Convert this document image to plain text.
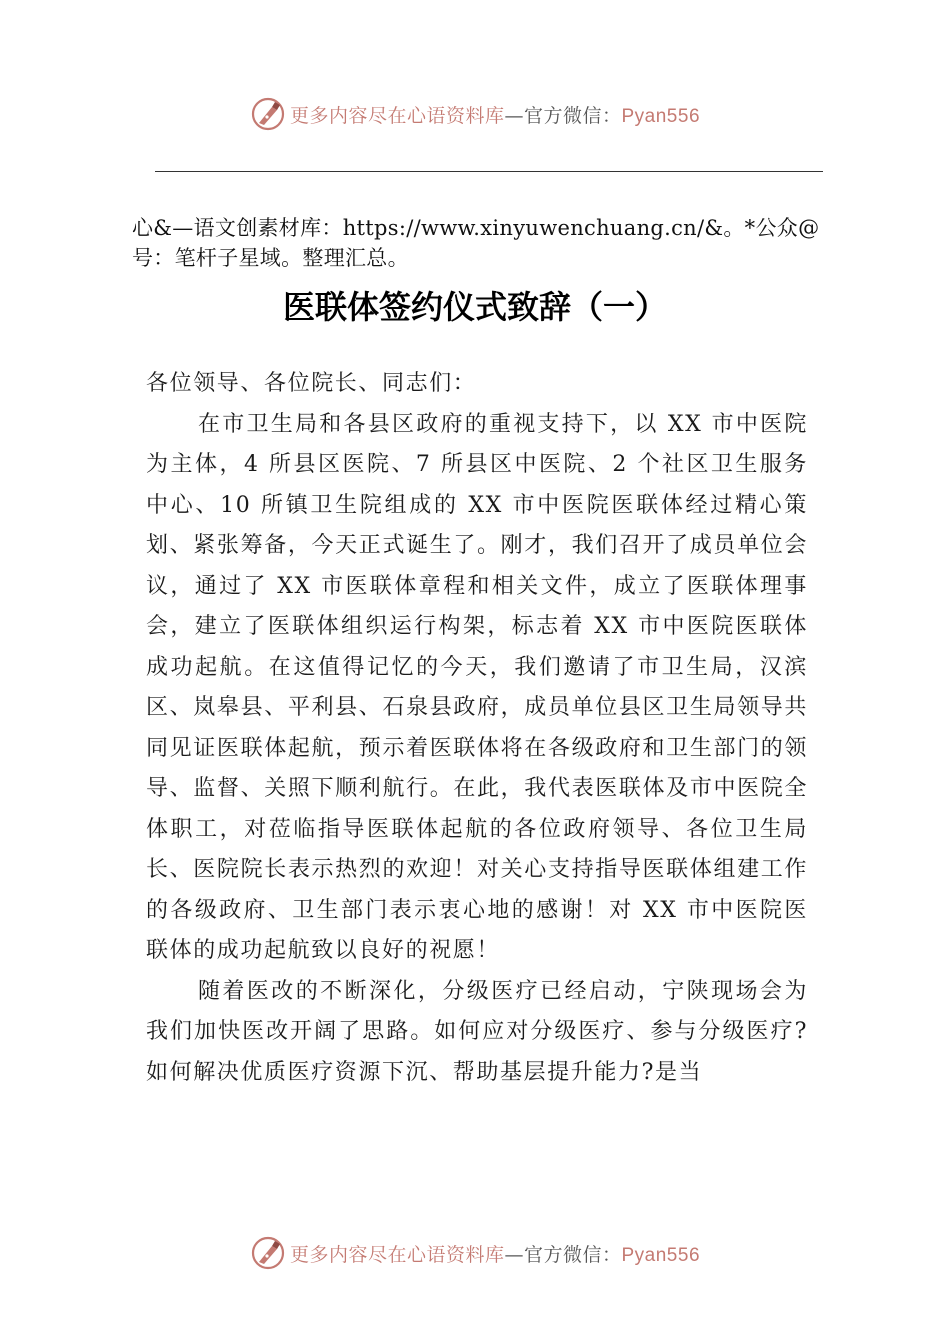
更多内容尽在心语资料库—官方微信：Pyan556
心&—语文创素材库：https://www.xinyuwenchuang.cn/&。*公众@号：笔杆子星域。整理汇总。
医联体签约仪式致辞（一）

各位领导、各位院长、同志们：

在市卫生局和各县区政府的重视支持下，以 XX 市中医院为主体，4 所县区医院、7 所县区中医院、2 个社区卫生服务中心、10 所镇卫生院组成的 XX 市中医院医联体经过精心策划、紧张筹备，今天正式诞生了。刚才，我们召开了成员单位会议，通过了 XX 市医联体章程和相关文件，成立了医联体理事会，建立了医联体组织运行构架，标志着 XX 市中医院医联体成功起航。在这值得记忆的今天，我们邀请了市卫生局，汉滨区、岚皋县、平利县、石泉县政府，成员单位县区卫生局领导共同见证医联体起航，预示着医联体将在各级政府和卫生部门的领导、监督、关照下顺利航行。在此，我代表医联体及市中医院全体职工，对莅临指导医联体起航的各位政府领导、各位卫生局长、医院院长表示热烈的欢迎！对关心支持指导医联体组建工作的各级政府、卫生部门表示衷心地的感谢！对 XX 市中医院医联体的成功起航致以良好的祝愿！

随着医改的不断深化，分级医疗已经启动，宁陕现场会为我们加快医改开阔了思路。如何应对分级医疗、参与分级医疗?如何解决优质医疗资源下沉、帮助基层提升能力?是当

更多内容尽在心语资料库—官方微信：Pyan556
